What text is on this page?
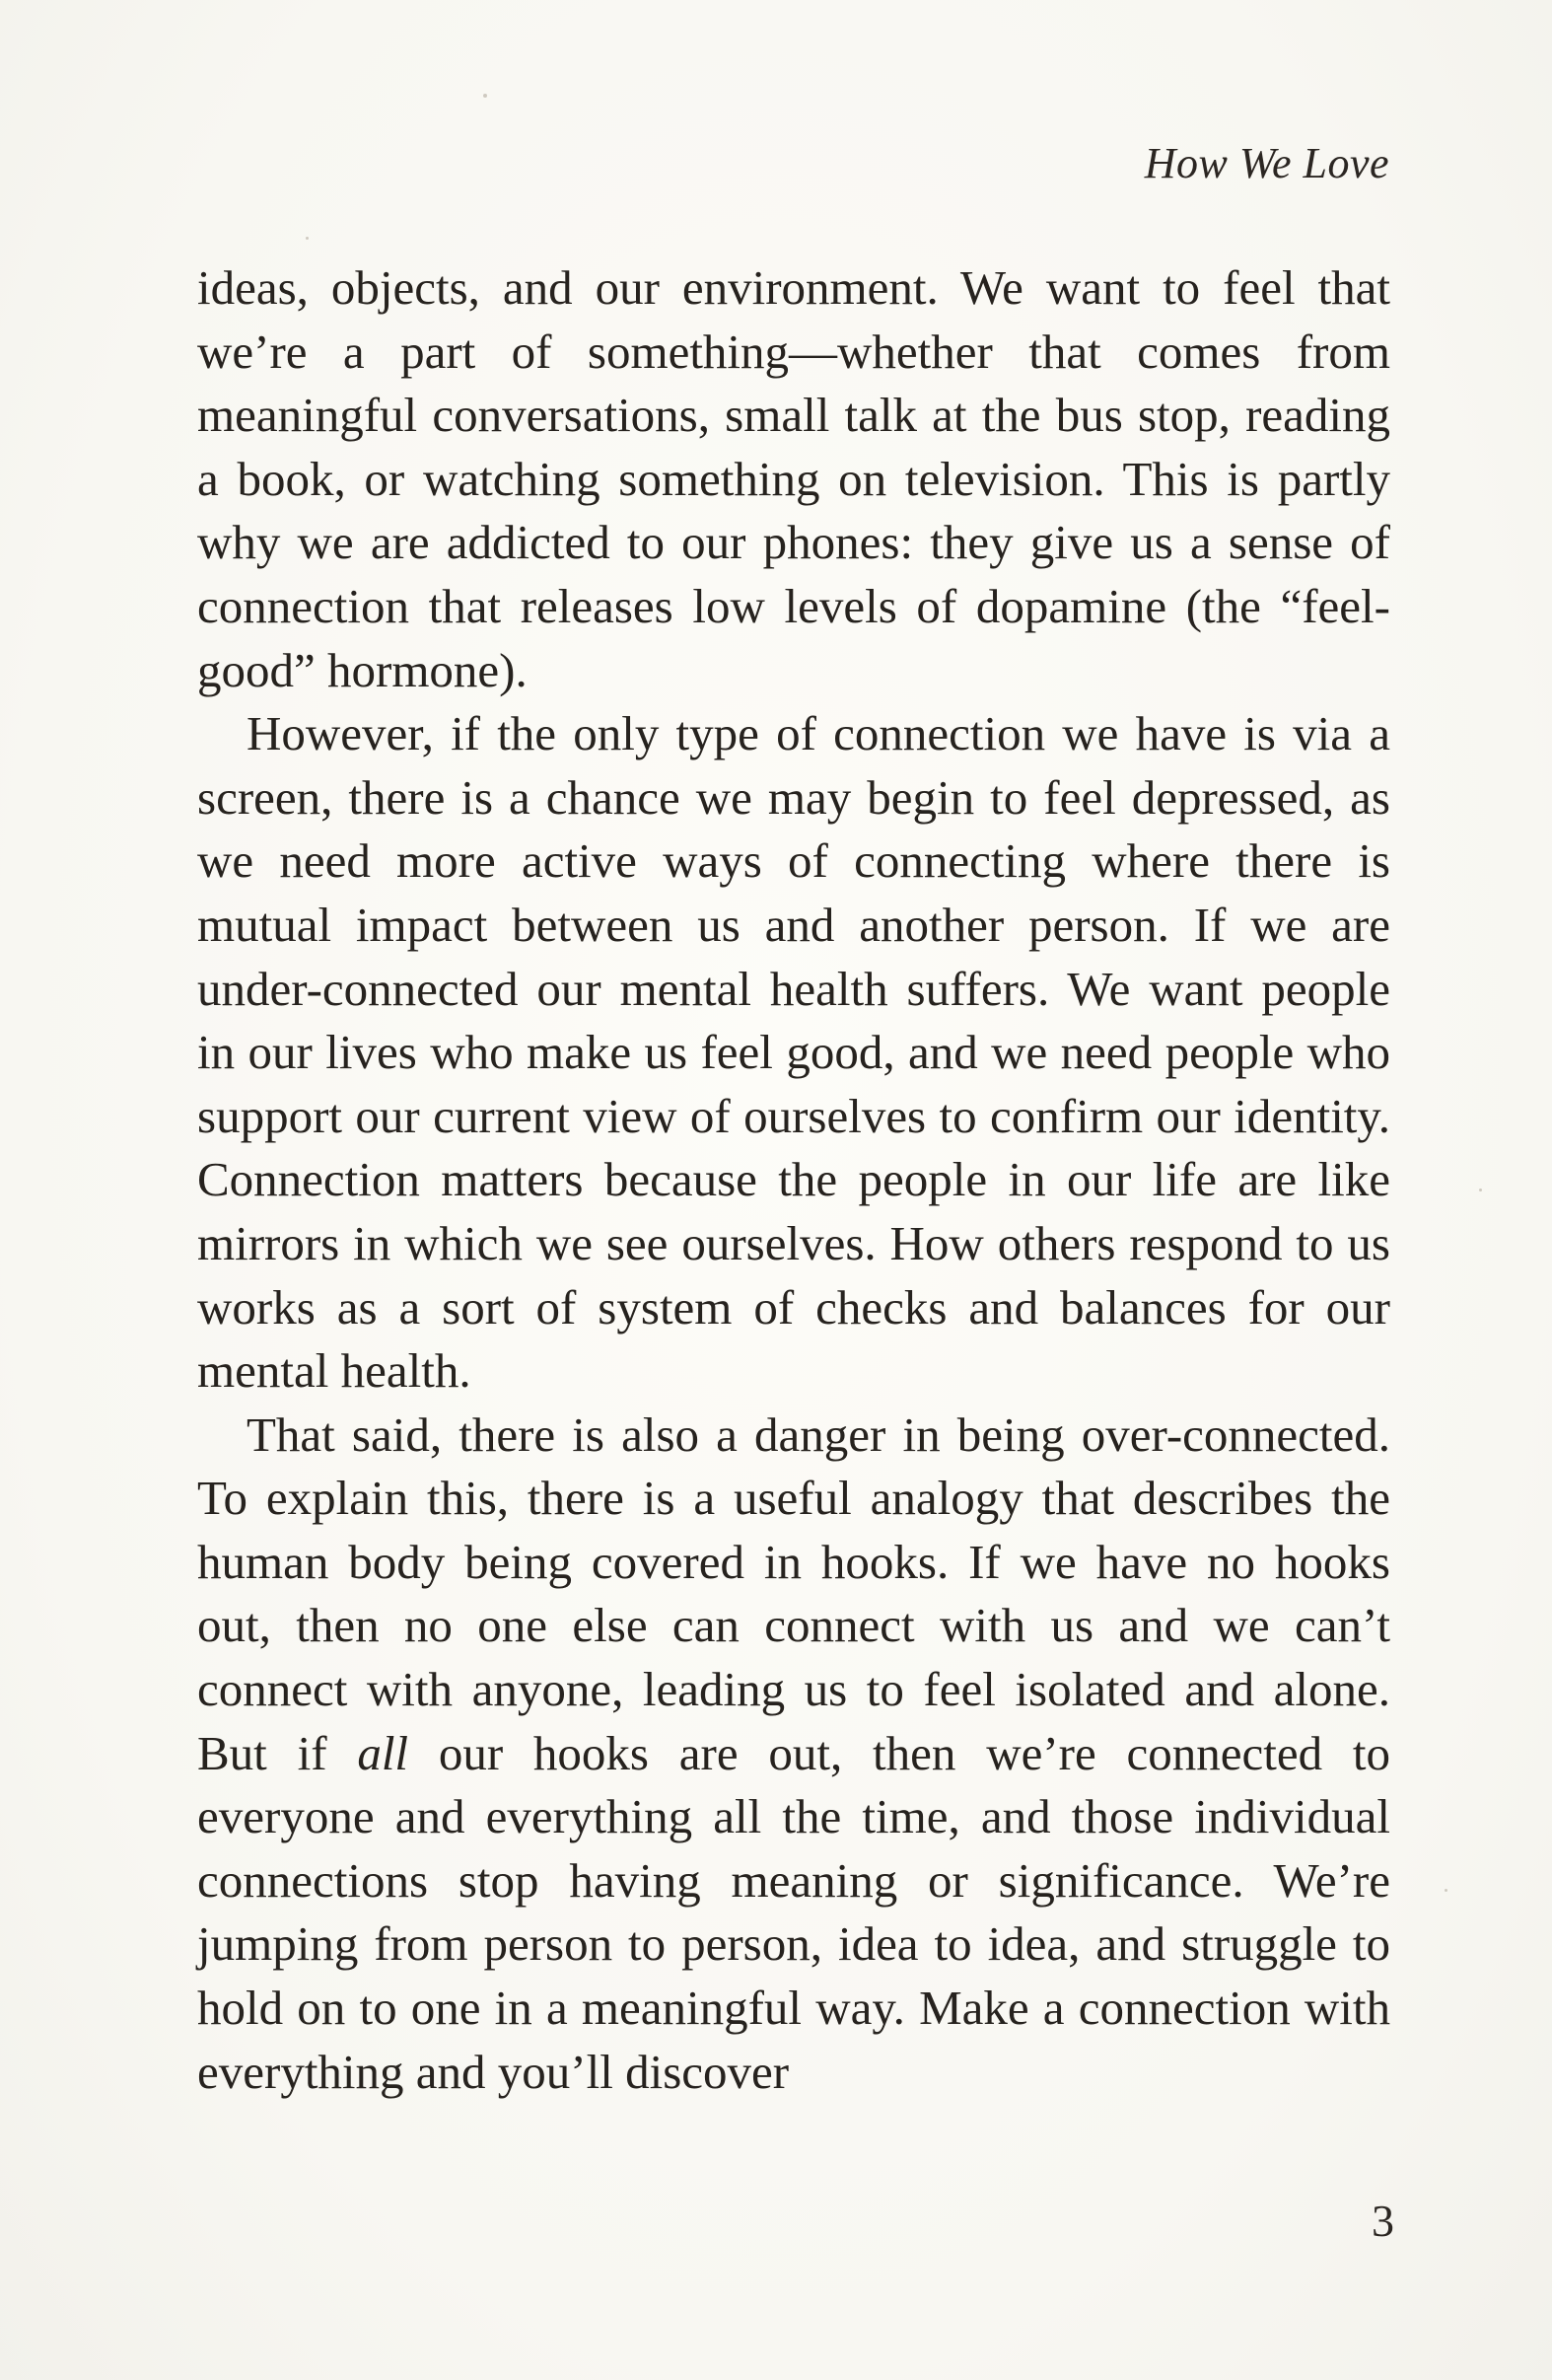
How We Love

ideas, objects, and our environment. We want to feel that we’re a part of something—whether that comes from meaningful conversations, small talk at the bus stop, reading a book, or watching something on television. This is partly why we are addicted to our phones: they give us a sense of connection that releases low levels of dopamine (the “feel-good” hormone).

However, if the only type of connection we have is via a screen, there is a chance we may begin to feel depressed, as we need more active ways of connecting where there is mutual impact between us and another person. If we are under-connected our mental health suffers. We want people in our lives who make us feel good, and we need people who support our current view of ourselves to confirm our identity. Connection matters because the people in our life are like mirrors in which we see ourselves. How others respond to us works as a sort of system of checks and balances for our mental health.

That said, there is also a danger in being over-connected. To explain this, there is a useful analogy that describes the human body being covered in hooks. If we have no hooks out, then no one else can connect with us and we can’t connect with anyone, leading us to feel isolated and alone. But if all our hooks are out, then we’re connected to everyone and everything all the time, and those individual connections stop having meaning or significance. We’re jumping from person to person, idea to idea, and struggle to hold on to one in a meaningful way. Make a connection with everything and you’ll discover

3
